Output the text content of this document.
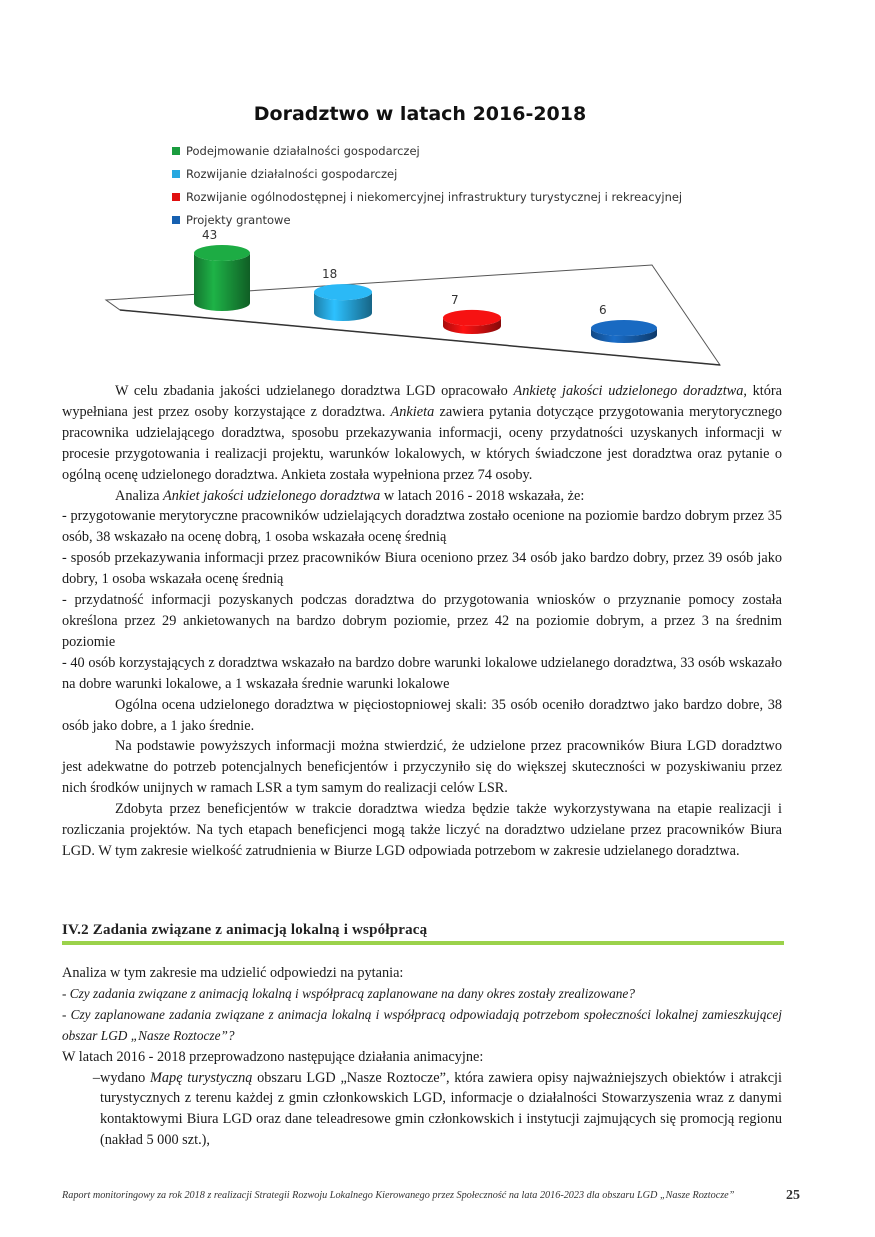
43
18
7
6
Doradztwo w latach 2016-2018
Podejmowanie działalności gospodarczej
Rozwijanie działalności gospodarczej
Rozwijanie ogólnodostępnej i niekomercyjnej infrastruktury turystycznej i rekreacyjnej
Projekty grantowe

W celu zbadania jakości udzielanego doradztwa LGD opracowało Ankietę jakości udzielonego doradztwa, która wypełniana jest przez osoby korzystające z doradztwa. Ankieta zawiera pytania dotyczące przygotowania merytorycznego pracownika udzielającego doradztwa, sposobu przekazywania informacji, oceny przydatności uzyskanych informacji w procesie przygotowania i realizacji projektu, warunków lokalowych, w których świadczone jest doradztwa oraz pytanie o ogólną ocenę udzielonego doradztwa. Ankieta została wypełniona przez 74 osoby.

Analiza Ankiet jakości udzielonego doradztwa w latach 2016 - 2018 wskazała, że:

- przygotowanie merytoryczne pracowników udzielających doradztwa zostało ocenione na poziomie bardzo dobrym przez 35 osób, 38 wskazało na ocenę dobrą, 1 osoba wskazała ocenę średnią

- sposób przekazywania informacji przez pracowników Biura oceniono przez 34 osób jako bardzo dobry, przez 39 osób jako dobry, 1 osoba wskazała ocenę średnią

- przydatność informacji pozyskanych podczas doradztwa do przygotowania wniosków o przyznanie pomocy została określona przez 29 ankietowanych na bardzo dobrym poziomie, przez 42 na poziomie dobrym, a przez 3 na średnim poziomie

- 40 osób korzystających z doradztwa wskazało na bardzo dobre warunki lokalowe udzielanego doradztwa, 33 osób wskazało na dobre warunki lokalowe, a 1 wskazała średnie warunki lokalowe

Ogólna ocena udzielonego doradztwa w pięciostopniowej skali: 35 osób oceniło doradztwo jako bardzo dobre, 38 osób jako dobre, a 1 jako średnie.

Na podstawie powyższych informacji można stwierdzić, że udzielone przez pracowników Biura LGD doradztwo jest adekwatne do potrzeb potencjalnych beneficjentów i przyczyniło się do większej skuteczności w pozyskiwaniu przez nich środków unijnych w ramach LSR a tym samym do realizacji celów LSR.

Zdobyta przez beneficjentów w trakcie doradztwa wiedza będzie także wykorzystywana na etapie realizacji i rozliczania projektów. Na tych etapach beneficjenci mogą także liczyć na doradztwo udzielane przez pracowników Biura LGD. W tym zakresie wielkość zatrudnienia w Biurze LGD odpowiada potrzebom w zakresie udzielanego doradztwa.

IV.2 Zadania związane z animacją lokalną i współpracą

Analiza w tym zakresie ma udzielić odpowiedzi na pytania:

- Czy zadania związane z animacją lokalną i współpracą zaplanowane na dany okres zostały zrealizowane?

- Czy zaplanowane zadania związane z animacja lokalną i współpracą odpowiadają potrzebom społeczności lokalnej zamieszkującej obszar LGD „Nasze Roztocze”?

W latach 2016 - 2018 przeprowadzono następujące działania animacyjne:

–wydano Mapę turystyczną obszaru LGD „Nasze Roztocze”, która zawiera opisy najważniejszych obiektów i atrakcji turystycznych z terenu każdej z gmin członkowskich LGD, informacje o działalności Stowarzyszenia wraz z danymi kontaktowymi Biura LGD oraz dane teleadresowe gmin członkowskich i instytucji zajmujących się promocją regionu (nakład 5 000 szt.),

Raport monitoringowy za rok 2018 z realizacji Strategii Rozwoju Lokalnego Kierowanego przez Społeczność na lata 2016-2023 dla obszaru LGD „Nasze Roztocze”	25
